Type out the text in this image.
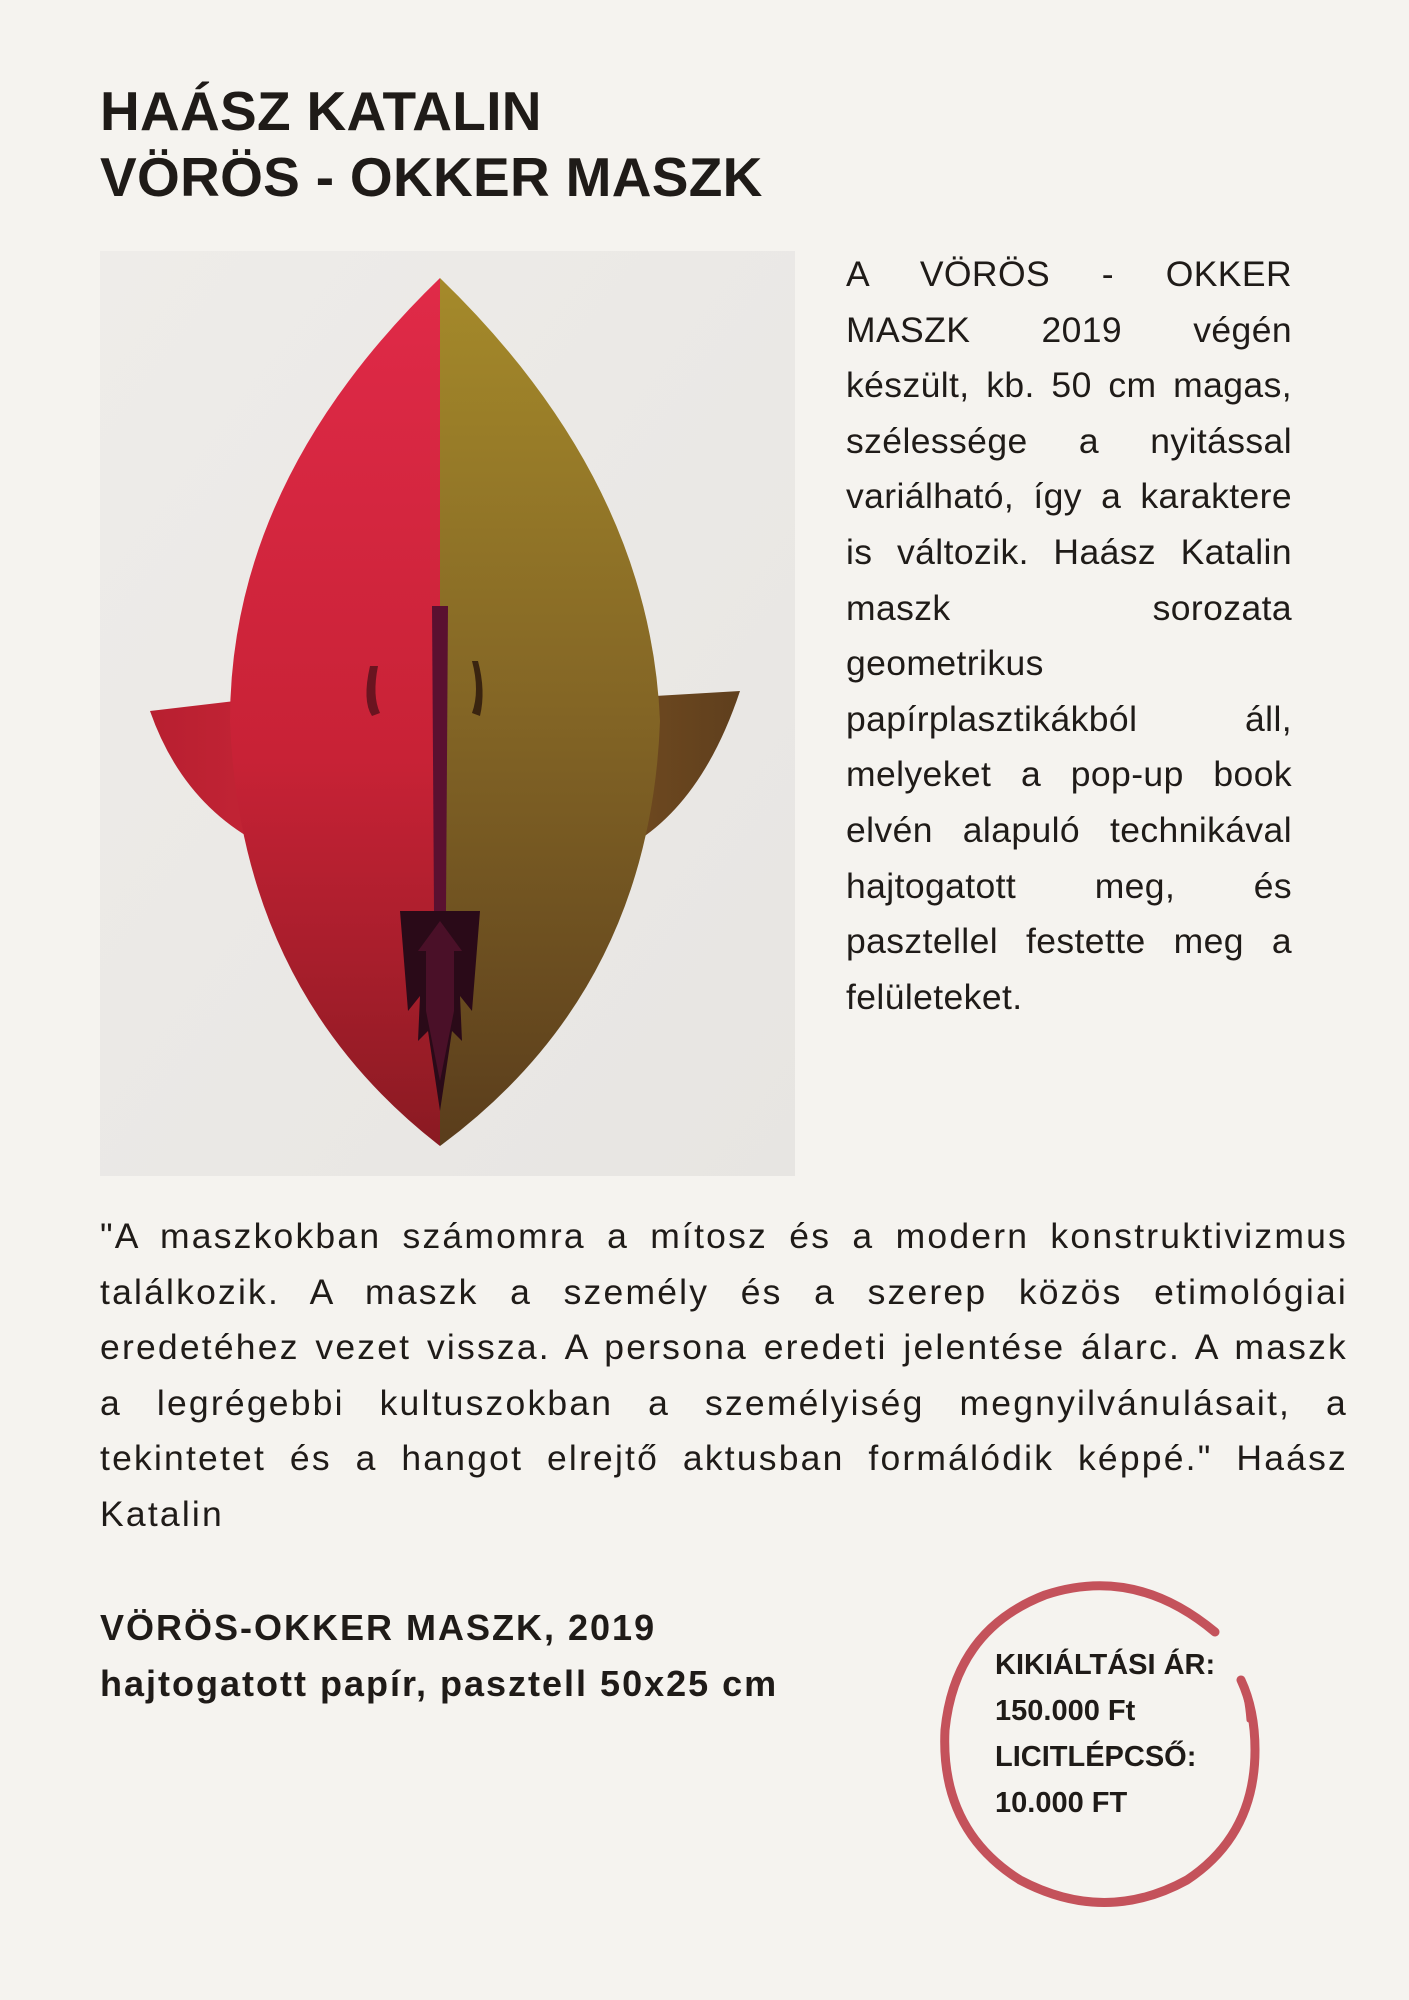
HAÁSZ KATALIN
VÖRÖS - OKKER MASZK

A VÖRÖS - OKKER MASZK 2019 végén készült, kb. 50 cm magas, szélessége a nyitással variálható, így a karaktere is változik. Haász Katalin maszk sorozata geometrikus papírplasztikákból áll, melyeket a pop-up book elvén alapuló technikával hajtogatott meg, és pasztellel festette meg a felületeket.

"A maszkokban számomra a mítosz és a modern konstruktivizmus találkozik. A maszk a személy és a szerep közös etimológiai eredetéhez vezet vissza. A persona eredeti jelentése álarc. A maszk a legrégebbi kultuszokban a személyiség megnyilvánulásait, a tekintetet és a hangot elrejtő aktusban formálódik képpé." Haász Katalin

VÖRÖS-OKKER MASZK, 2019
hajtogatott papír, pasztell 50x25 cm	KIKIÁLTÁSI ÁR:
150.000 Ft
LICITLÉPCSŐ:
10.000 FT
